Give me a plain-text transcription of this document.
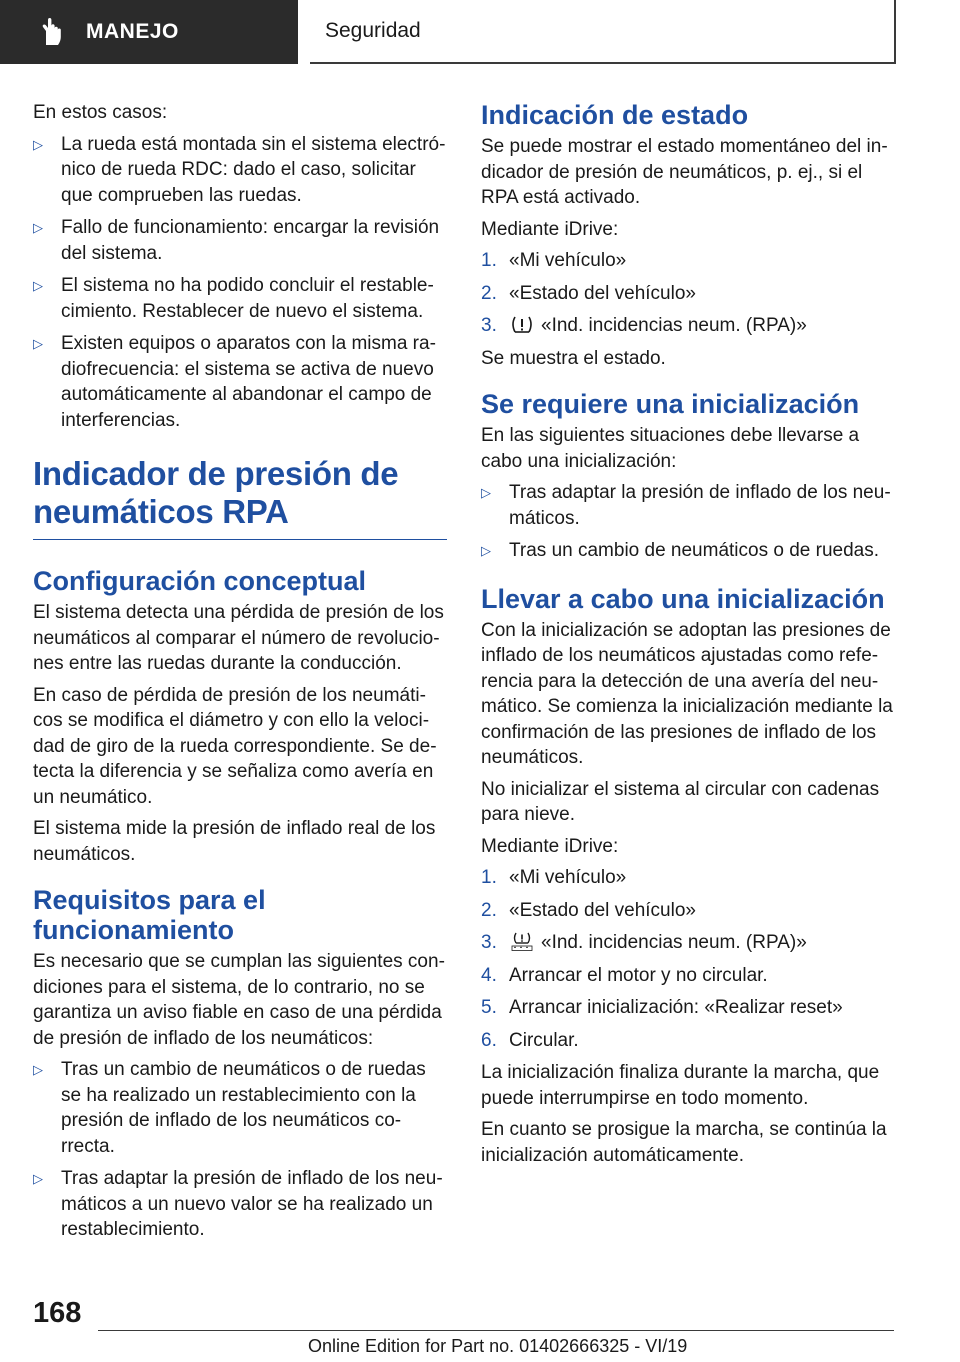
MANEJO	Seguridad

En estos casos:

▷ La rueda está montada sin el sistema electrónico de rueda RDC: dado el caso, solicitar que comprueben las ruedas.
▷ Fallo de funcionamiento: encargar la revisión del sistema.
▷ El sistema no ha podido concluir el restablecimiento. Restablecer de nuevo el sistema.
▷ Existen equipos o aparatos con la misma radiofrecuencia: el sistema se activa de nuevo automáticamente al abandonar el campo de interferencias.
Indicador de presión de neumáticos RPA
Configuración conceptual

El sistema detecta una pérdida de presión de los neumáticos al comparar el número de revoluciones entre las ruedas durante la conducción.

En caso de pérdida de presión de los neumáticos se modifica el diámetro y con ello la velocidad de giro de la rueda correspondiente. Se detecta la diferencia y se señaliza como avería en un neumático.

El sistema mide la presión de inflado real de los neumáticos.

Requisitos para el funcionamiento

Es necesario que se cumplan las siguientes condiciones para el sistema, de lo contrario, no se garantiza un aviso fiable en caso de una pérdida de presión de inflado de los neumáticos:

▷ Tras un cambio de neumáticos o de ruedas se ha realizado un restablecimiento con la presión de inflado de los neumáticos correcta.
▷ Tras adaptar la presión de inflado de los neumáticos a un nuevo valor se ha realizado un restablecimiento.
Indicación de estado

Se puede mostrar el estado momentáneo del indicador de presión de neumáticos, p. ej., si el RPA está activado.

Mediante iDrive:

1. «Mi vehículo»
2. «Estado del vehículo»
3. «Ind. incidencias neum. (RPA)»

Se muestra el estado.

Se requiere una inicialización

En las siguientes situaciones debe llevarse a cabo una inicialización:

▷ Tras adaptar la presión de inflado de los neumáticos.
▷ Tras un cambio de neumáticos o de ruedas.
Llevar a cabo una inicialización

Con la inicialización se adoptan las presiones de inflado de los neumáticos ajustadas como referencia para la detección de una avería del neumático. Se comienza la inicialización mediante la confirmación de las presiones de inflado de los neumáticos.

No inicializar el sistema al circular con cadenas para nieve.

Mediante iDrive:

1. «Mi vehículo»
2. «Estado del vehículo»
3. «Ind. incidencias neum. (RPA)»
4. Arrancar el motor y no circular.
5. Arrancar inicialización: «Realizar reset»
6. Circular.

La inicialización finaliza durante la marcha, que puede interrumpirse en todo momento.

En cuanto se prosigue la marcha, se continúa la inicialización automáticamente.

168
Online Edition for Part no. 01402666325 - VI/19
